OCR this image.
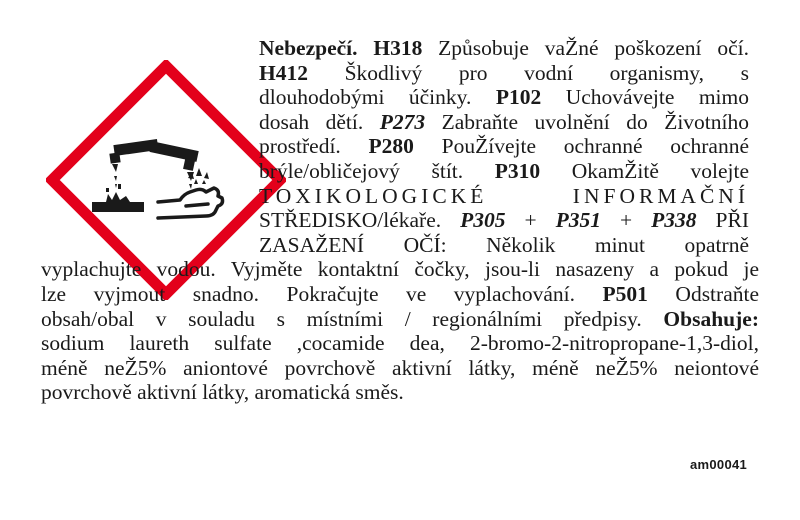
Nebezpečí. H318 Způsobuje vaŽné poškození očí.
H412 Škodlivý pro vodní organismy, s
dlouhodobými účinky. P102 Uchovávejte mimo
dosah dětí. P273 Zabraňte uvolnění do Životního
prostředí. P280 PouŽívejte ochranné ochranné
brýle/obličejový štít. P310 OkamŽitě volejte
TOXIKOLOGICKÉ INFORMAČNÍ
STŘEDISKO/lékaře. P305 + P351 + P338 PŘI
ZASAŽENÍ OČÍ: Několik minut opatrně
vyplachujte vodou. Vyjměte kontaktní čočky, jsou-li nasazeny a pokud je
lze vyjmout snadno. Pokračujte ve vyplachování. P501 Odstraňte
obsah/obal v souladu s místními / regionálními předpisy. Obsahuje:
sodium laureth sulfate ,cocamide dea, 2-bromo-2-nitropropane-1,3-diol,
méně neŽ5% aniontové povrchově aktivní látky, méně neŽ5% neiontové
povrchově aktivní látky, aromatická směs.
am00041
